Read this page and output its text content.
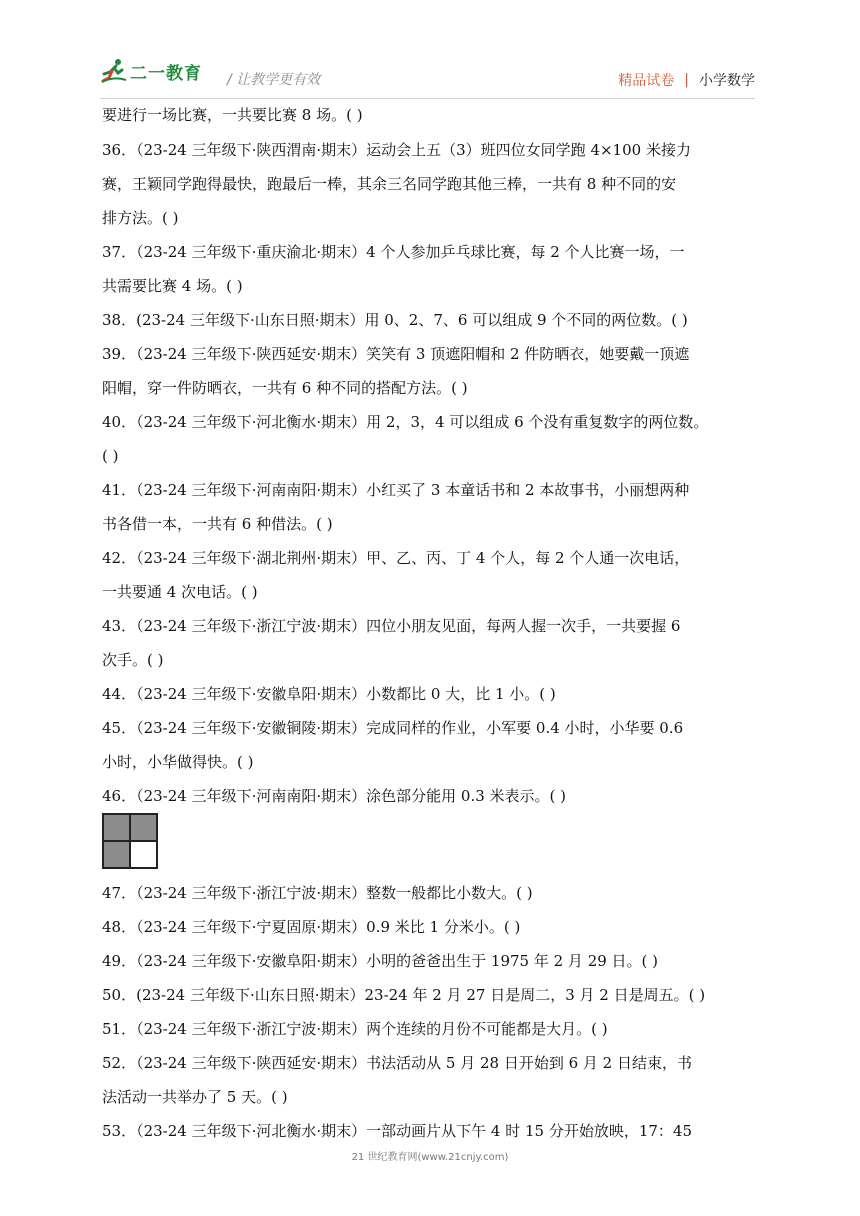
二一教育 / 让教学更有效	精品试卷 | 小学数学
要进行一场比赛，一共要比赛 8 场。( )
36．（23-24 三年级下·陕西渭南·期末）运动会上五（3）班四位女同学跑 4×100 米接力
赛，王颖同学跑得最快，跑最后一棒，其余三名同学跑其他三棒，一共有 8 种不同的安
排方法。( )
37．（23-24 三年级下·重庆渝北·期末）4 个人参加乒乓球比赛，每 2 个人比赛一场，一
共需要比赛 4 场。( )
38．(23-24 三年级下·山东日照·期末）用 0、2、7、6 可以组成 9 个不同的两位数。( )
39．（23-24 三年级下·陕西延安·期末）笑笑有 3 顶遮阳帽和 2 件防晒衣，她要戴一顶遮
阳帽，穿一件防晒衣，一共有 6 种不同的搭配方法。( )
40．（23-24 三年级下·河北衡水·期末）用 2，3，4 可以组成 6 个没有重复数字的两位数。
( )
41．（23-24 三年级下·河南南阳·期末）小红买了 3 本童话书和 2 本故事书，小丽想两种
书各借一本，一共有 6 种借法。( )
42．（23-24 三年级下·湖北荆州·期末）甲、乙、丙、丁 4 个人，每 2 个人通一次电话，
一共要通 4 次电话。( )
43．（23-24 三年级下·浙江宁波·期末）四位小朋友见面，每两人握一次手，一共要握 6
次手。( )
44．（23-24 三年级下·安徽阜阳·期末）小数都比 0 大，比 1 小。( )
45．（23-24 三年级下·安徽铜陵·期末）完成同样的作业，小军要 0.4 小时，小华要 0.6
小时，小华做得快。( )
46．（23-24 三年级下·河南南阳·期末）涂色部分能用 0.3 米表示。( )
47．（23-24 三年级下·浙江宁波·期末）整数一般都比小数大。( )
48．（23-24 三年级下·宁夏固原·期末）0.9 米比 1 分米小。( )
49．（23-24 三年级下·安徽阜阳·期末）小明的爸爸出生于 1975 年 2 月 29 日。( )
50．(23-24 三年级下·山东日照·期末）23-24 年 2 月 27 日是周二，3 月 2 日是周五。( )
51．（23-24 三年级下·浙江宁波·期末）两个连续的月份不可能都是大月。( )
52．（23-24 三年级下·陕西延安·期末）书法活动从 5 月 28 日开始到 6 月 2 日结束，书
法活动一共举办了 5 天。( )
53．（23-24 三年级下·河北衡水·期末）一部动画片从下午 4 时 15 分开始放映，17：45
21 世纪教育网(www.21cnjy.com)
